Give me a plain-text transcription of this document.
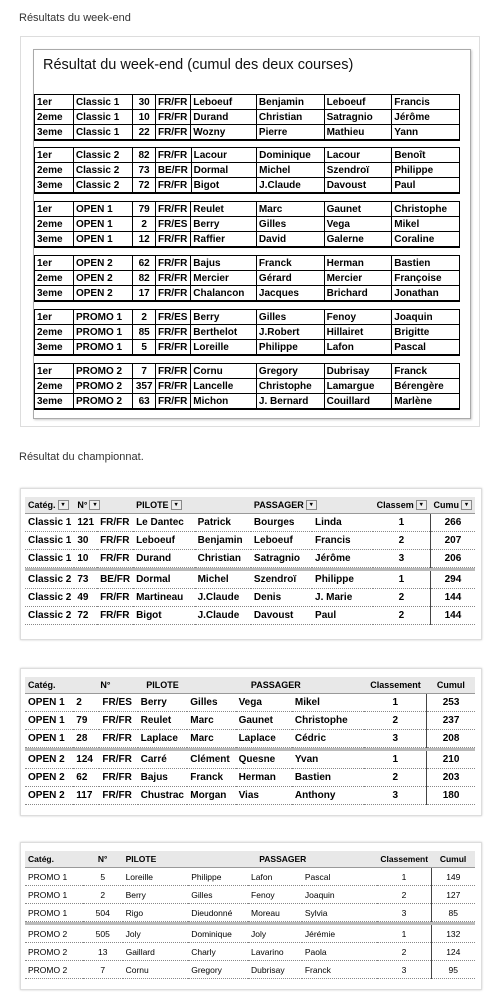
Résultats du week-end
Résultat du week-end (cumul des deux courses)
1er	Classic 1	30	FR/FR	Leboeuf	Benjamin	Leboeuf	Francis
2eme	Classic 1	10	FR/FR	Durand	Christian	Satragnio	Jérôme
3eme	Classic 1	22	FR/FR	Wozny	Pierre	Mathieu	Yann
1er	Classic 2	82	FR/FR	Lacour	Dominique	Lacour	Benoît
2eme	Classic 2	73	BE/FR	Dormal	Michel	Szendroï	Philippe
3eme	Classic 2	72	FR/FR	Bigot	J.Claude	Davoust	Paul
1er	OPEN 1	79	FR/FR	Reulet	Marc	Gaunet	Christophe
2eme	OPEN 1	2	FR/ES	Berry	Gilles	Vega	Mikel
3eme	OPEN 1	12	FR/FR	Raffier	David	Galerne	Coraline
1er	OPEN 2	62	FR/FR	Bajus	Franck	Herman	Bastien
2eme	OPEN 2	82	FR/FR	Mercier	Gérard	Mercier	Françoise
3eme	OPEN 2	17	FR/FR	Chalancon	Jacques	Brichard	Jonathan
1er	PROMO 1	2	FR/ES	Berry	Gilles	Fenoy	Joaquin
2eme	PROMO 1	85	FR/FR	Berthelot	J.Robert	Hillairet	Brigitte
3eme	PROMO 1	5	FR/FR	Loreille	Philippe	Lafon	Pascal
1er	PROMO 2	7	FR/FR	Cornu	Gregory	Dubrisay	Franck
2eme	PROMO 2	357	FR/FR	Lancelle	Christophe	Lamargue	Bérengère
3eme	PROMO 2	63	FR/FR	Michon	J. Bernard	Couillard	Marlène
Résultat du championnat.
Catég. ▾	N° ▾		PILOTE ▾		PASSAGER ▾		Classem ▾	Cumu ▾
Classic 1	121	FR/FR	Le Dantec	Patrick	Bourges	Linda	1	266
Classic 1	30	FR/FR	Leboeuf	Benjamin	Leboeuf	Francis	2	207
Classic 1	10	FR/FR	Durand	Christian	Satragnio	Jérôme	3	206

Classic 2	73	BE/FR	Dormal	Michel	Szendroï	Philippe	1	294
Classic 2	49	FR/FR	Martineau	J.Claude	Denis	J. Marie	2	144
Classic 2	72	FR/FR	Bigot	J.Claude	Davoust	Paul	2	144
Catég.	N°		PILOTE	PASSAGER			Classement	Cumul
OPEN 1	2	FR/ES	Berry	Gilles	Vega	Mikel	1	253
OPEN 1	79	FR/FR	Reulet	Marc	Gaunet	Christophe	2	237
OPEN 1	28	FR/FR	Laplace	Marc	Laplace	Cédric	3	208

OPEN 2	124	FR/FR	Carré	Clément	Quesne	Yvan	1	210
OPEN 2	62	FR/FR	Bajus	Franck	Herman	Bastien	2	203
OPEN 2	117	FR/FR	Chustrac	Morgan	Vias	Anthony	3	180
Catég.	N°	PILOTE	PASSAGER			Classement	Cumul
PROMO 1	5	Loreille	Philippe	Lafon	Pascal	1	149
PROMO 1	2	Berry	Gilles	Fenoy	Joaquin	2	127
PROMO 1	504	Rigo	Dieudonné	Moreau	Sylvia	3	85

PROMO 2	505	Joly	Dominique	Joly	Jérémie	1	132
PROMO 2	13	Gaillard	Charly	Lavarino	Paola	2	124
PROMO 2	7	Cornu	Gregory	Dubrisay	Franck	3	95
